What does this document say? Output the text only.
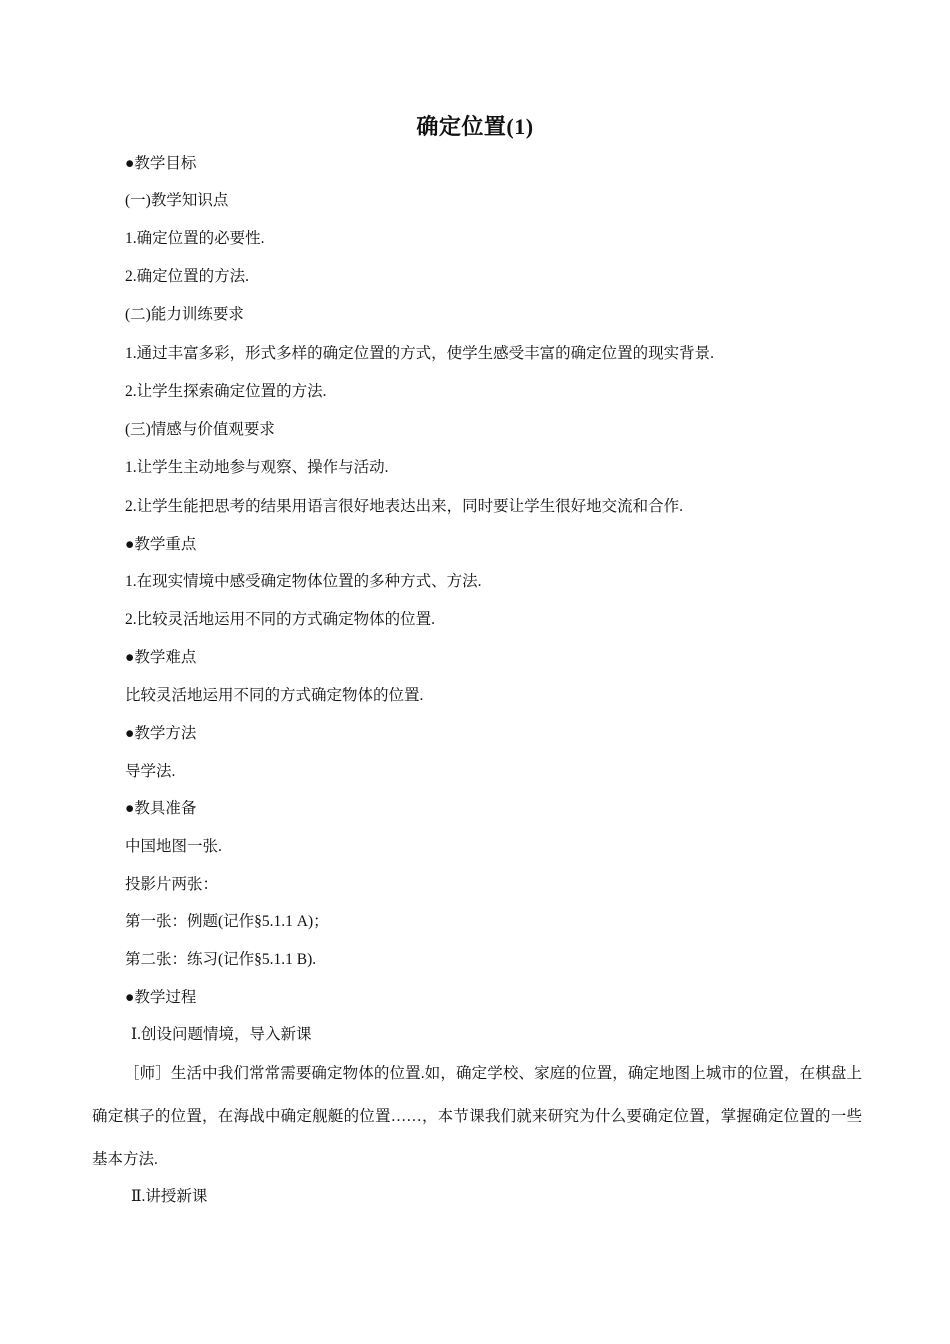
确定位置(1)
●教学目标
(一)教学知识点
1.确定位置的必要性.
2.确定位置的方法.
(二)能力训练要求
1.通过丰富多彩，形式多样的确定位置的方式，使学生感受丰富的确定位置的现实背景.
2.让学生探索确定位置的方法.
(三)情感与价值观要求
1.让学生主动地参与观察、操作与活动.
2.让学生能把思考的结果用语言很好地表达出来，同时要让学生很好地交流和合作.
●教学重点
1.在现实情境中感受确定物体位置的多种方式、方法.
2.比较灵活地运用不同的方式确定物体的位置.
●教学难点
比较灵活地运用不同的方式确定物体的位置.
●教学方法
导学法.
●教具准备
中国地图一张.
投影片两张：
第一张：例题(记作§5.1.1 A)；
第二张：练习(记作§5.1.1 B).
●教学过程
Ⅰ.创设问题情境，导入新课
［师］生活中我们常常需要确定物体的位置.如，确定学校、家庭的位置，确定地图上城市的位置，在棋盘上确定棋子的位置，在海战中确定舰艇的位置……，本节课我们就来研究为什么要确定位置，掌握确定位置的一些基本方法.
Ⅱ.讲授新课
